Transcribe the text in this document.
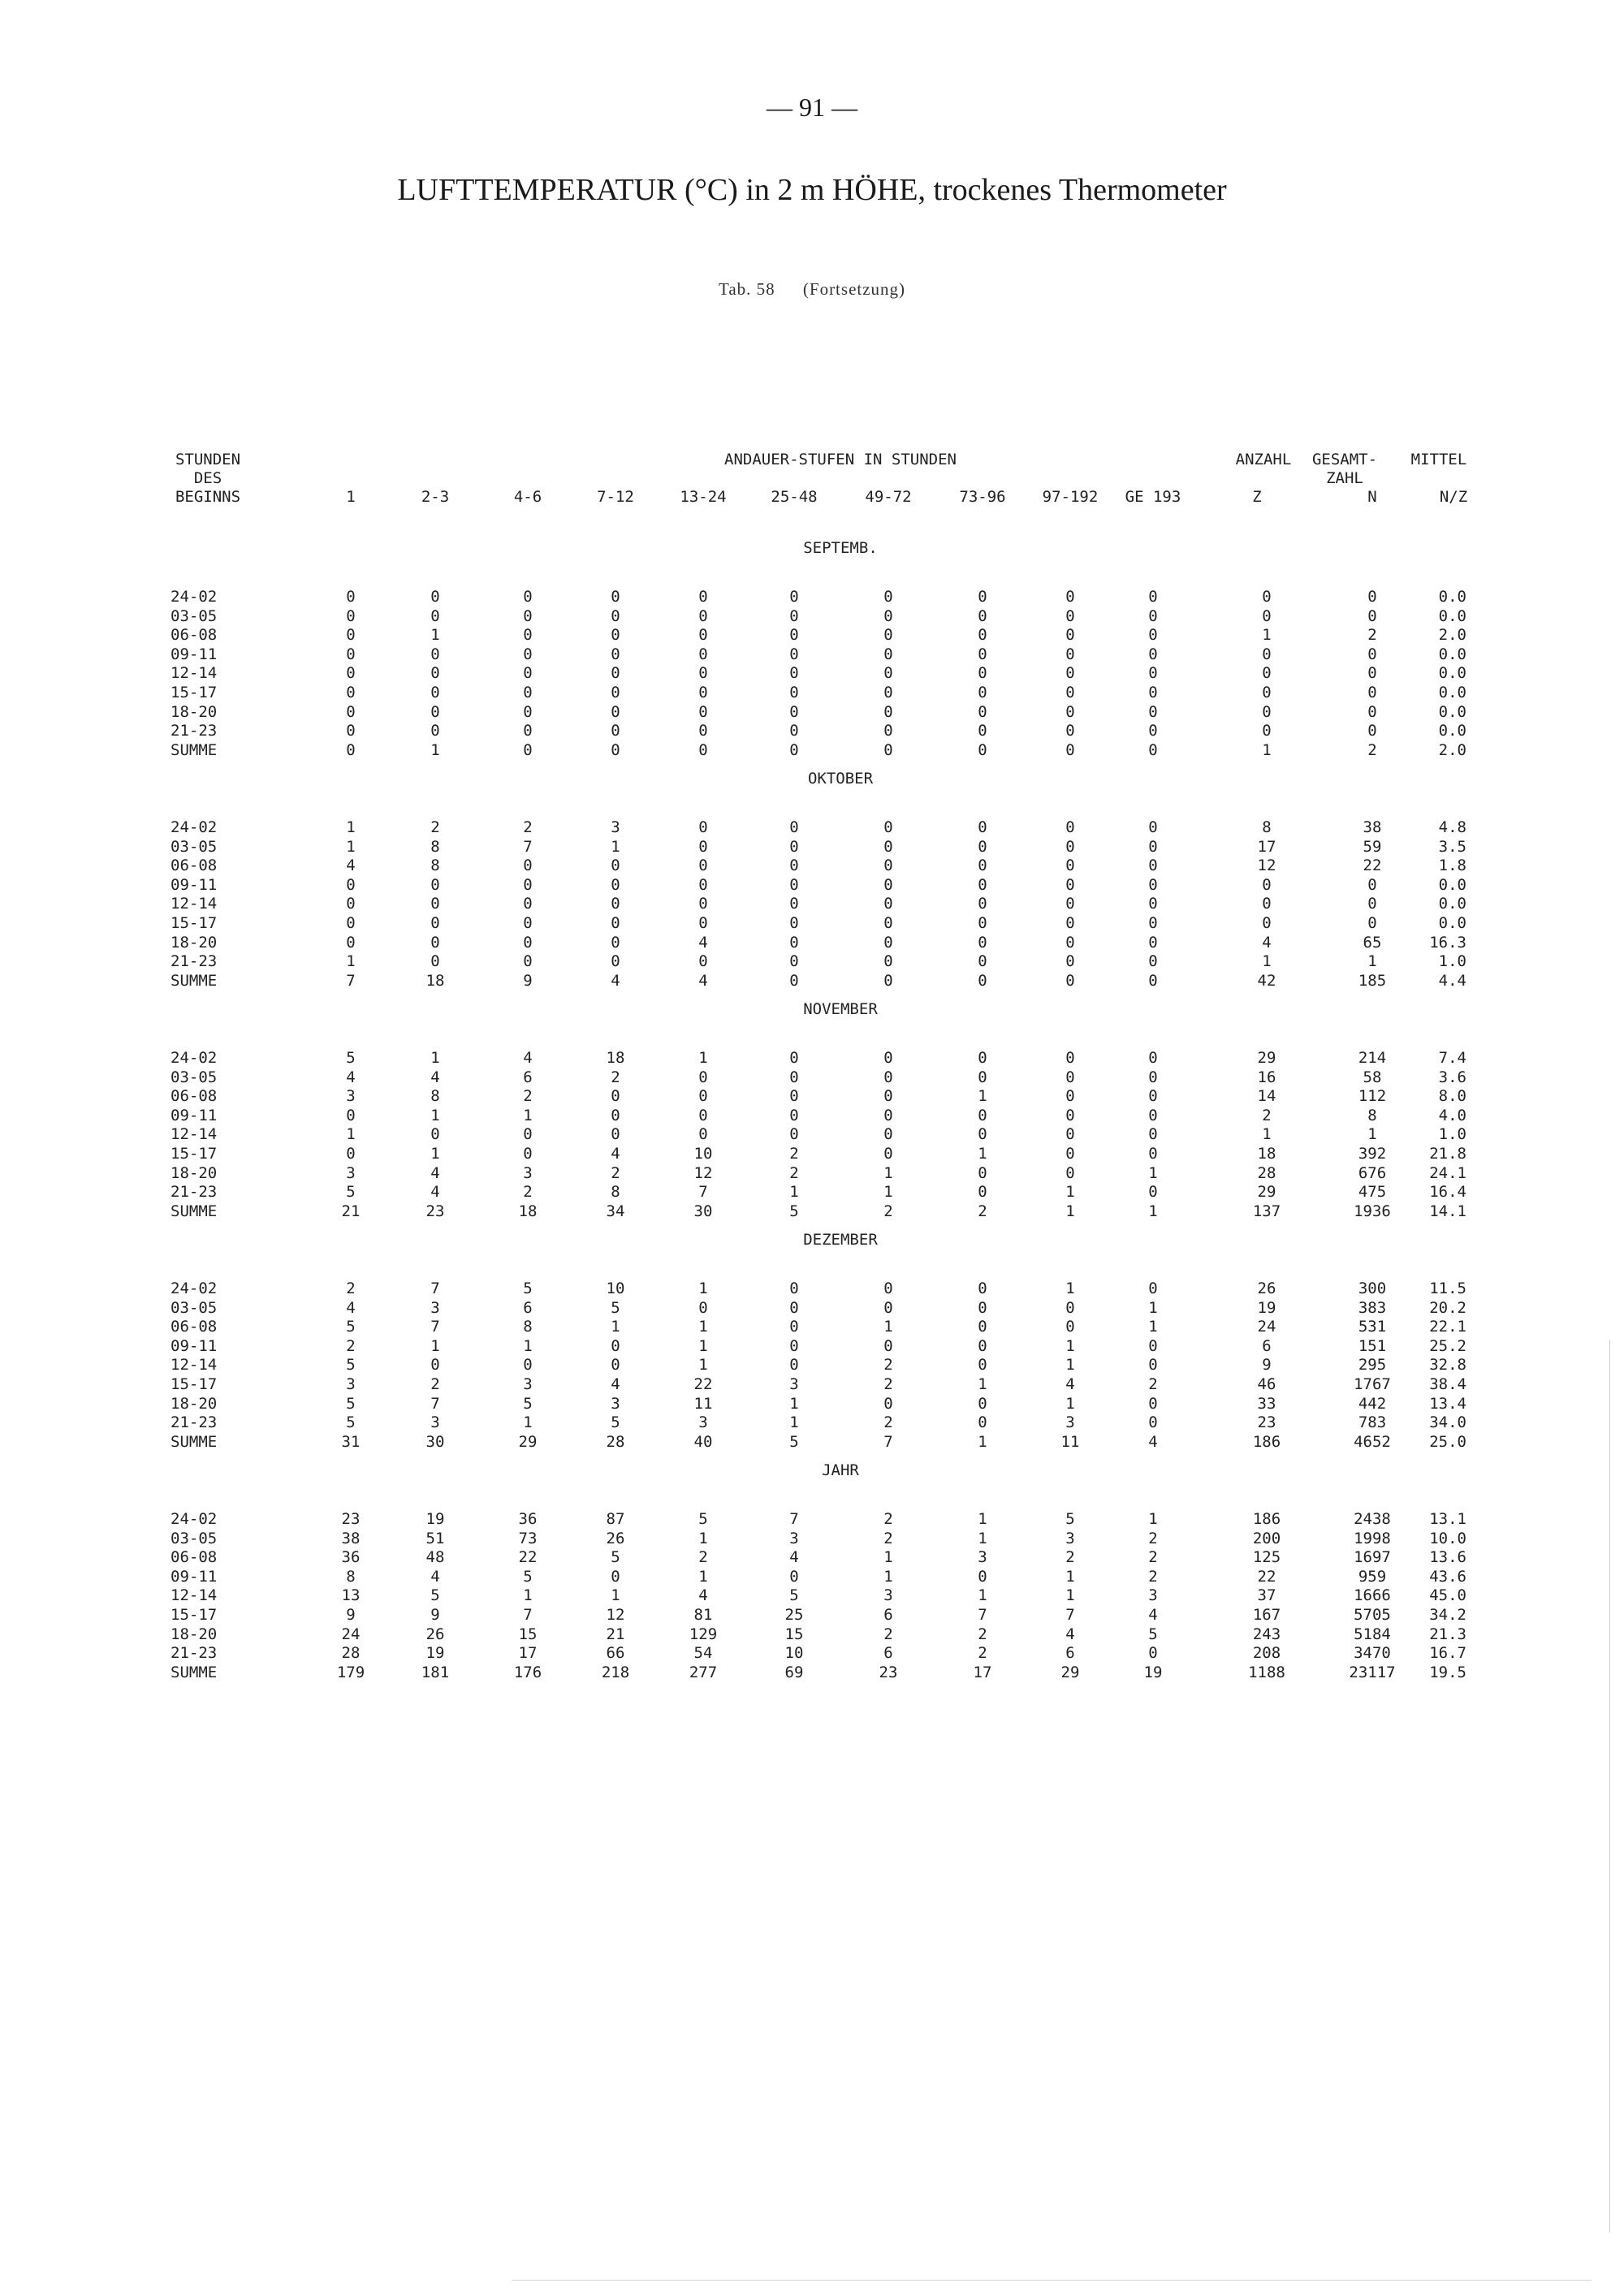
— 91 —
LUFTTEMPERATUR (°C) in 2 m HÖHE, trockenes Thermometer
Tab. 58 (Fortsetzung)
STUNDEN
DES
BEGINNS
ANDAUER-STUFEN IN STUNDEN	ANZAHL GESAMT-
ZAHL
MITTEL
1	2-3	4-6	7-12	13-24	25-48	49-72	73-96 97-192 GE 193	Z	N	N/Z
SEPTEMB.
24-02	0	0	0	0	0	0	0	0	0	0	0	0	0.0
03-05	0	0	0	0	0	0	0	0	0	0	0	0	0.0
06-08	0	1	0	0	0	0	0	0	0	0	1	2	2.0
09-11	0	0	0	0	0	0	0	0	0	0	0	0	0.0
12-14	0	0	0	0	0	0	0	0	0	0	0	0	0.0
15-17	0	0	0	0	0	0	0	0	0	0	0	0	0.0
18-20	0	0	0	0	0	0	0	0	0	0	0	0	0.0
21-23	0	0	0	0	0	0	0	0	0	0	0	0	0.0
SUMME	0	1	0	0	0	0	0	0	0	0	1	2	2.0
OKTOBER
24-02	1	2	2	3	0	0	0	0	0	0	8	38	4.8
03-05	1	8	7	1	0	0	0	0	0	0	17	59	3.5
06-08	4	8	0	0	0	0	0	0	0	0	12	22	1.8
09-11	0	0	0	0	0	0	0	0	0	0	0	0	0.0
12-14	0	0	0	0	0	0	0	0	0	0	0	0	0.0
15-17	0	0	0	0	0	0	0	0	0	0	0	0	0.0
18-20	0	0	0	0	4	0	0	0	0	0	4	65	16.3
21-23	1	0	0	0	0	0	0	0	0	0	1	1	1.0
SUMME	7	18	9	4	4	0	0	0	0	0	42	185	4.4
NOVEMBER
24-02	5	1	4	18	1	0	0	0	0	0	29	214	7.4
03-05	4	4	6	2	0	0	0	0	0	0	16	58	3.6
06-08	3	8	2	0	0	0	0	1	0	0	14	112	8.0
09-11	0	1	1	0	0	0	0	0	0	0	2	8	4.0
12-14	1	0	0	0	0	0	0	0	0	0	1	1	1.0
15-17	0	1	0	4	10	2	0	1	0	0	18	392	21.8
18-20	3	4	3	2	12	2	1	0	0	1	28	676	24.1
21-23	5	4	2	8	7	1	1	0	1	0	29	475	16.4
SUMME	21	23	18	34	30	5	2	2	1	1	137	1936 14.1
DEZEMBER
24-02	2	7	5	10	1	0	0	0	1	0	26	300	11.5
03-05	4	3	6	5	0	0	0	0	0	1	19	383	20.2
06-08	5	7	8	1	1	0	1	0	0	1	24	531	22.1
09-11	2	1	1	0	1	0	0	0	1	0	6	151	25.2
12-14	5	0	0	0	1	0	2	0	1	0	9	295	32.8
15-17	3	2	3	4	22	3	2	1	4	2	46	1767 38.4
18-20	5	7	5	3	11	1	0	0	1	0	33	442	13.4
21-23	5	3	1	5	3	1	2	0	3	0	23	783	34.0
SUMME	31	30	29	28	40	5	7	1	11	4	186	4652 25.0
JAHR
24-02	23	19	36	87	5	7	2	1	5	1	186	2438 13.1
03-05	38	51	73	26	1	3	2	1	3	2	200	1998 10.0
06-08	36	48	22	5	2	4	1	3	2	2	125	1697 13.6
09-11	8	4	5	0	1	0	1	0	1	2	22	959	43.6
12-14	13	5	1	1	4	5	3	1	1	3	37	1666 45.0
15-17	9	9	7	12	81	25	6	7	7	4	167	5705 34.2
18-20	24	26	15	21	129	15	2	2	4	5	243	5184 21.3
21-23	28	19	17	66	54	10	6	2	6	0	208	3470 16.7
SUMME	179	181	176	218	277	69	23	17	29	19	1188	23117 19.5
